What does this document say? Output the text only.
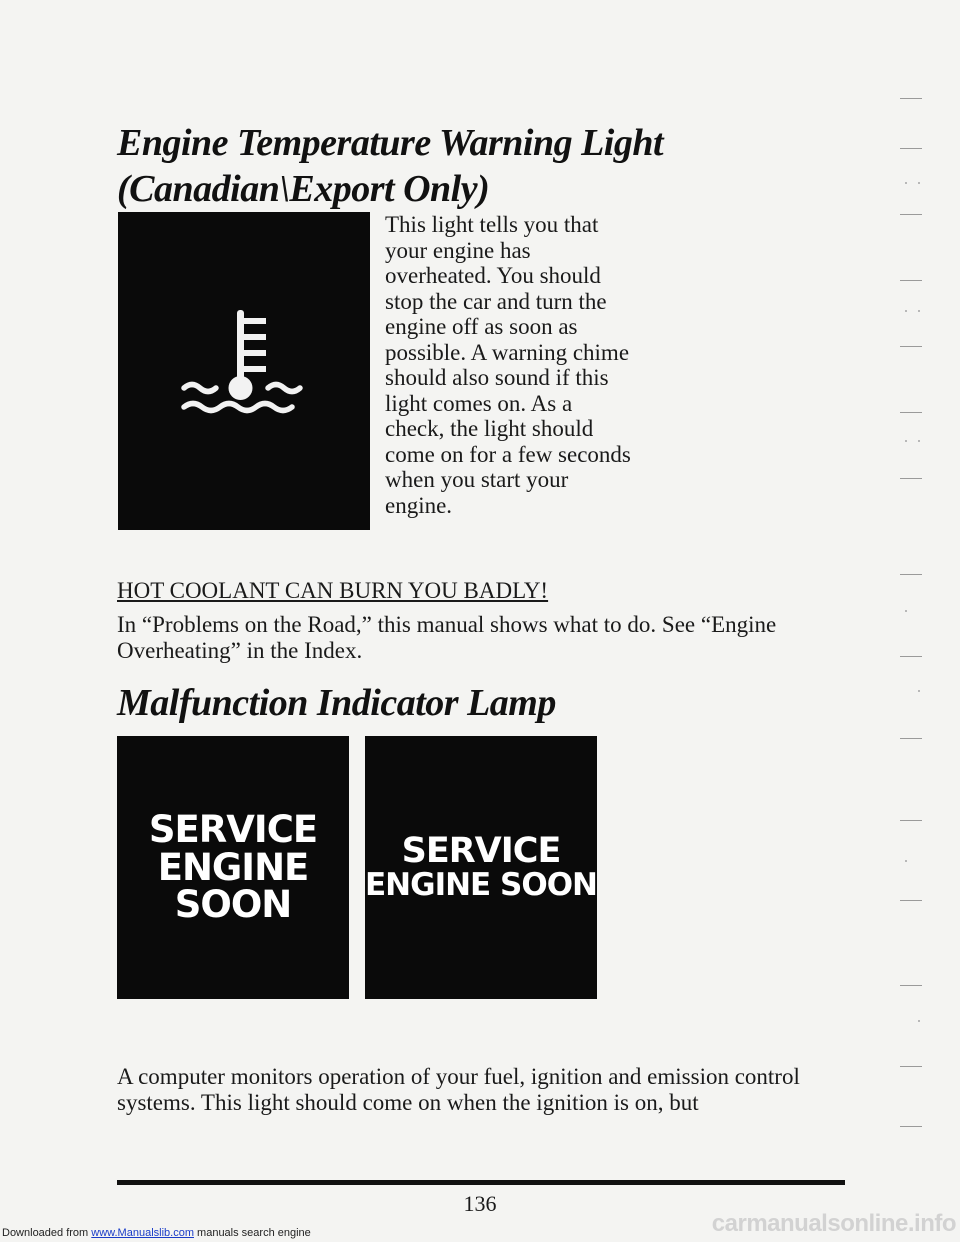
Engine Temperature Warning Light

(Canadian\Export Only)

This light tells you that your engine has overheated. You should stop the car and turn the engine off as soon as possible. A warning chime should also sound if this light comes on. As a check, the light should come on for a few seconds when you start your engine.

HOT COOLANT CAN BURN YOU BADLY!

In “Problems on the Road,” this manual shows what to do. See “Engine Overheating” in the Index.

Malfunction Indicator Lamp

SERVICE
ENGINE
SOON
SERVICE
ENGINE SOON

A computer monitors operation of your fuel, ignition and emission control systems. This light should come on when the ignition is on, but

136
Downloaded from www.Manualslib.com manuals search engine	carmanualsonline.info
